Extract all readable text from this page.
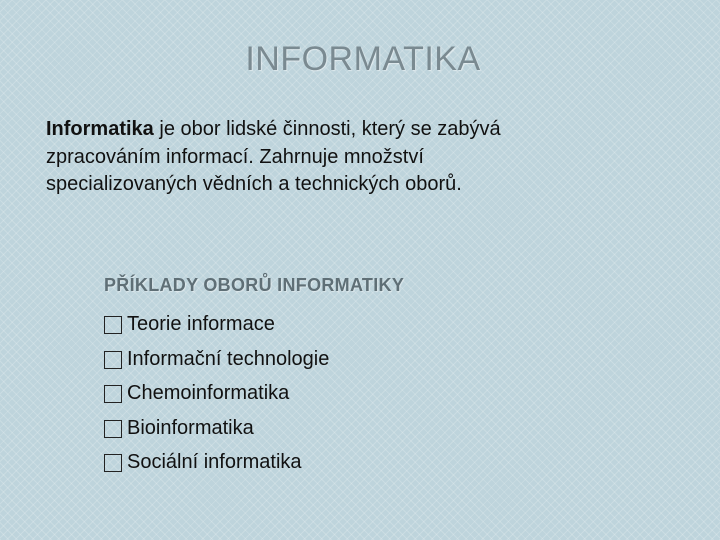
INFORMATIKA
Informatika je obor lidské činnosti, který se zabývá
zpracováním informací. Zahrnuje množství
specializovaných vědních a technických oborů.
PŘÍKLADY OBORŮ INFORMATIKY
Teorie informace
Informační technologie
Chemoinformatika
Bioinformatika
Sociální informatika
